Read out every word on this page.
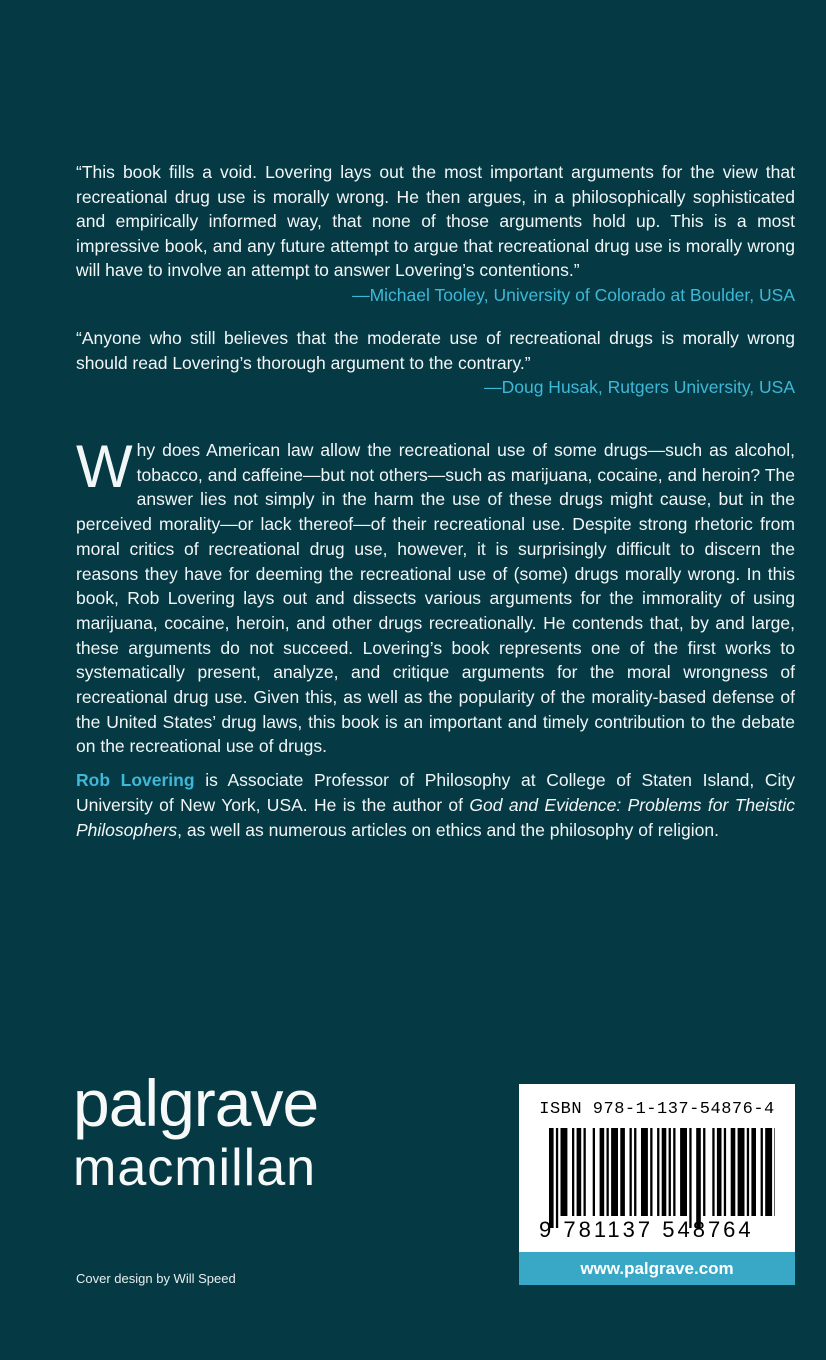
“This book fills a void. Lovering lays out the most important arguments for the view that recreational drug use is morally wrong. He then argues, in a philosophically sophisticated and empirically informed way, that none of those arguments hold up. This is a most impressive book, and any future attempt to argue that recreational drug use is morally wrong will have to involve an attempt to answer Lovering’s contentions.”

—Michael Tooley, University of Colorado at Boulder, USA

“Anyone who still believes that the moderate use of recreational drugs is morally wrong should read Lovering’s thorough argument to the contrary.”

—Doug Husak, Rutgers University, USA

Why does American law allow the recreational use of some drugs—such as alcohol, tobacco, and caffeine—but not others—such as marijuana, cocaine, and heroin? The answer lies not simply in the harm the use of these drugs might cause, but in the perceived morality—or lack thereof—of their recreational use. Despite strong rhetoric from moral critics of recreational drug use, however, it is surprisingly difficult to discern the reasons they have for deeming the recreational use of (some) drugs morally wrong. In this book, Rob Lovering lays out and dissects various arguments for the immorality of using marijuana, cocaine, heroin, and other drugs recreationally. He contends that, by and large, these arguments do not succeed. Lovering’s book represents one of the first works to systematically present, analyze, and critique arguments for the moral wrongness of recreational drug use. Given this, as well as the popularity of the morality-based defense of the United States’ drug laws, this book is an important and timely contribution to the debate on the recreational use of drugs.

Rob Lovering is Associate Professor of Philosophy at College of Staten Island, City University of New York, USA. He is the author of God and Evidence: Problems for Theistic Philosophers, as well as numerous articles on ethics and the philosophy of religion.

palgrave
macmillan
ISBN 978-1-137-54876-4
9 781137 548764
www.palgrave.com
Cover design by Will Speed
